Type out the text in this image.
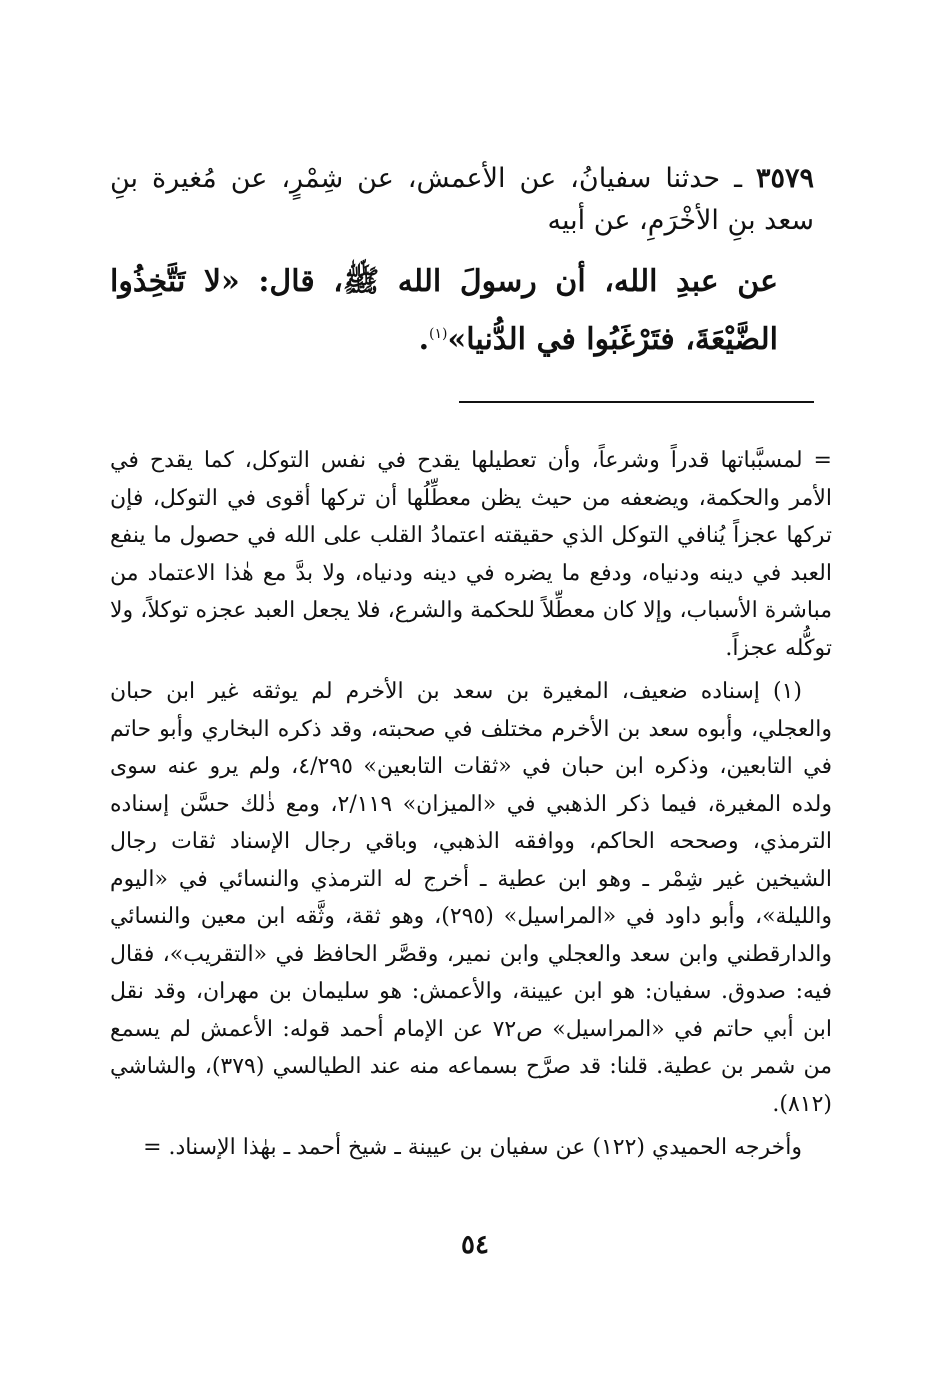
٣٥٧٩ ـ حدثنا سفيانُ، عن الأعمش، عن شِمْرٍ، عن مُغيرة بنِ سعد بنِ الأخْرَمِ، عن أبيه

عن عبدِ الله، أن رسولَ الله ﷺ، قال: «لا تَتَّخِذُوا الضَّيْعَةَ، فتَرْغَبُوا في الدُّنيا»$^{(١)}$.

= لمسبَّباتها قدراً وشرعاً، وأن تعطيلها يقدح في نفس التوكل، كما يقدح في الأمر والحكمة، ويضعفه من حيث يظن معطِّلُها أن تركها أقوى في التوكل، فإن تركها عجزاً يُنافي التوكل الذي حقيقته اعتمادُ القلب على الله في حصول ما ينفع العبد في دينه ودنياه، ودفع ما يضره في دينه ودنياه، ولا بدَّ مع هٰذا الاعتماد من مباشرة الأسباب، وإلا كان معطِّلاً للحكمة والشرع، فلا يجعل العبد عجزه توكلاً، ولا توكُّله عجزاً.

(١) إسناده ضعيف، المغيرة بن سعد بن الأخرم لم يوثقه غير ابن حبان والعجلي، وأبوه سعد بن الأخرم مختلف في صحبته، وقد ذكره البخاري وأبو حاتم في التابعين، وذكره ابن حبان في «ثقات التابعين» ٤/٢٩٥، ولم يرو عنه سوى ولده المغيرة، فيما ذكر الذهبي في «الميزان» ٢/١١٩، ومع ذٰلك حسَّن إسناده الترمذي، وصححه الحاكم، ووافقه الذهبي، وباقي رجال الإسناد ثقات رجال الشيخين غير شِمْر ـ وهو ابن عطية ـ أخرج له الترمذي والنسائي في «اليوم والليلة»، وأبو داود في «المراسيل» (٢٩٥)، وهو ثقة، وثَّقه ابن معين والنسائي والدارقطني وابن سعد والعجلي وابن نمير، وقصَّر الحافظ في «التقريب»، فقال فيه: صدوق. سفيان: هو ابن عيينة، والأعمش: هو سليمان بن مهران، وقد نقل ابن أبي حاتم في «المراسيل» ص٧٢ عن الإمام أحمد قوله: الأعمش لم يسمع من شمر بن عطية. قلنا: قد صرَّح بسماعه منه عند الطيالسي (٣٧٩)، والشاشي (٨١٢).

وأخرجه الحميدي (١٢٢) عن سفيان بن عيينة ـ شيخ أحمد ـ بهٰذا الإسناد. =

٥٤
